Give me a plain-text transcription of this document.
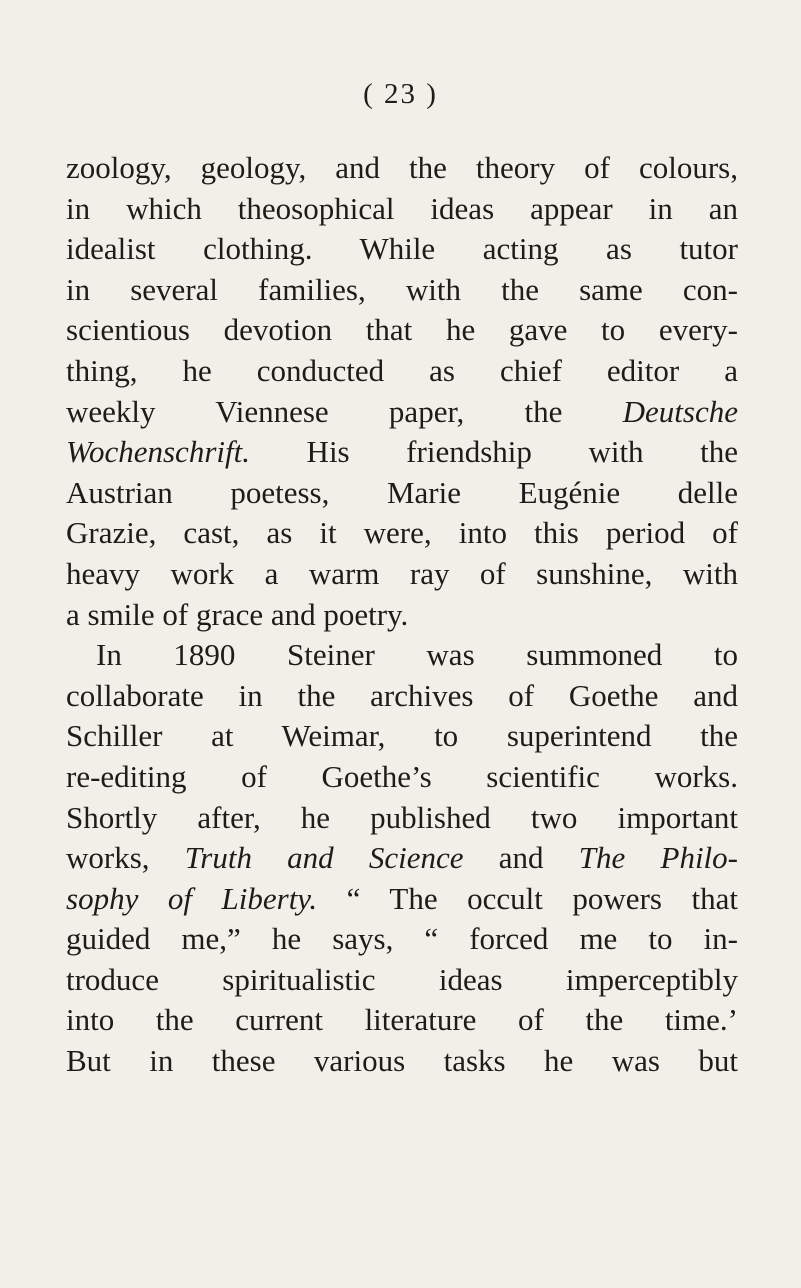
( 23 )
zoology, geology, and the theory of colours,
in which theosophical ideas appear in an
idealist clothing. While acting as tutor
in several families, with the same con-
scientious devotion that he gave to every-
thing, he conducted as chief editor a
weekly Viennese paper, the Deutsche
Wochenschrift. His friendship with the
Austrian poetess, Marie Eugénie delle
Grazie, cast, as it were, into this period of
heavy work a warm ray of sunshine, with
a smile of grace and poetry.
In 1890 Steiner was summoned to
collaborate in the archives of Goethe and
Schiller at Weimar, to superintend the
re-editing of Goethe’s scientific works.
Shortly after, he published two important
works, Truth and Science and The Philo-
sophy of Liberty. “ The occult powers that
guided me,” he says, “ forced me to in-
troduce spiritualistic ideas imperceptibly
into the current literature of the time.’
But in these various tasks he was but
